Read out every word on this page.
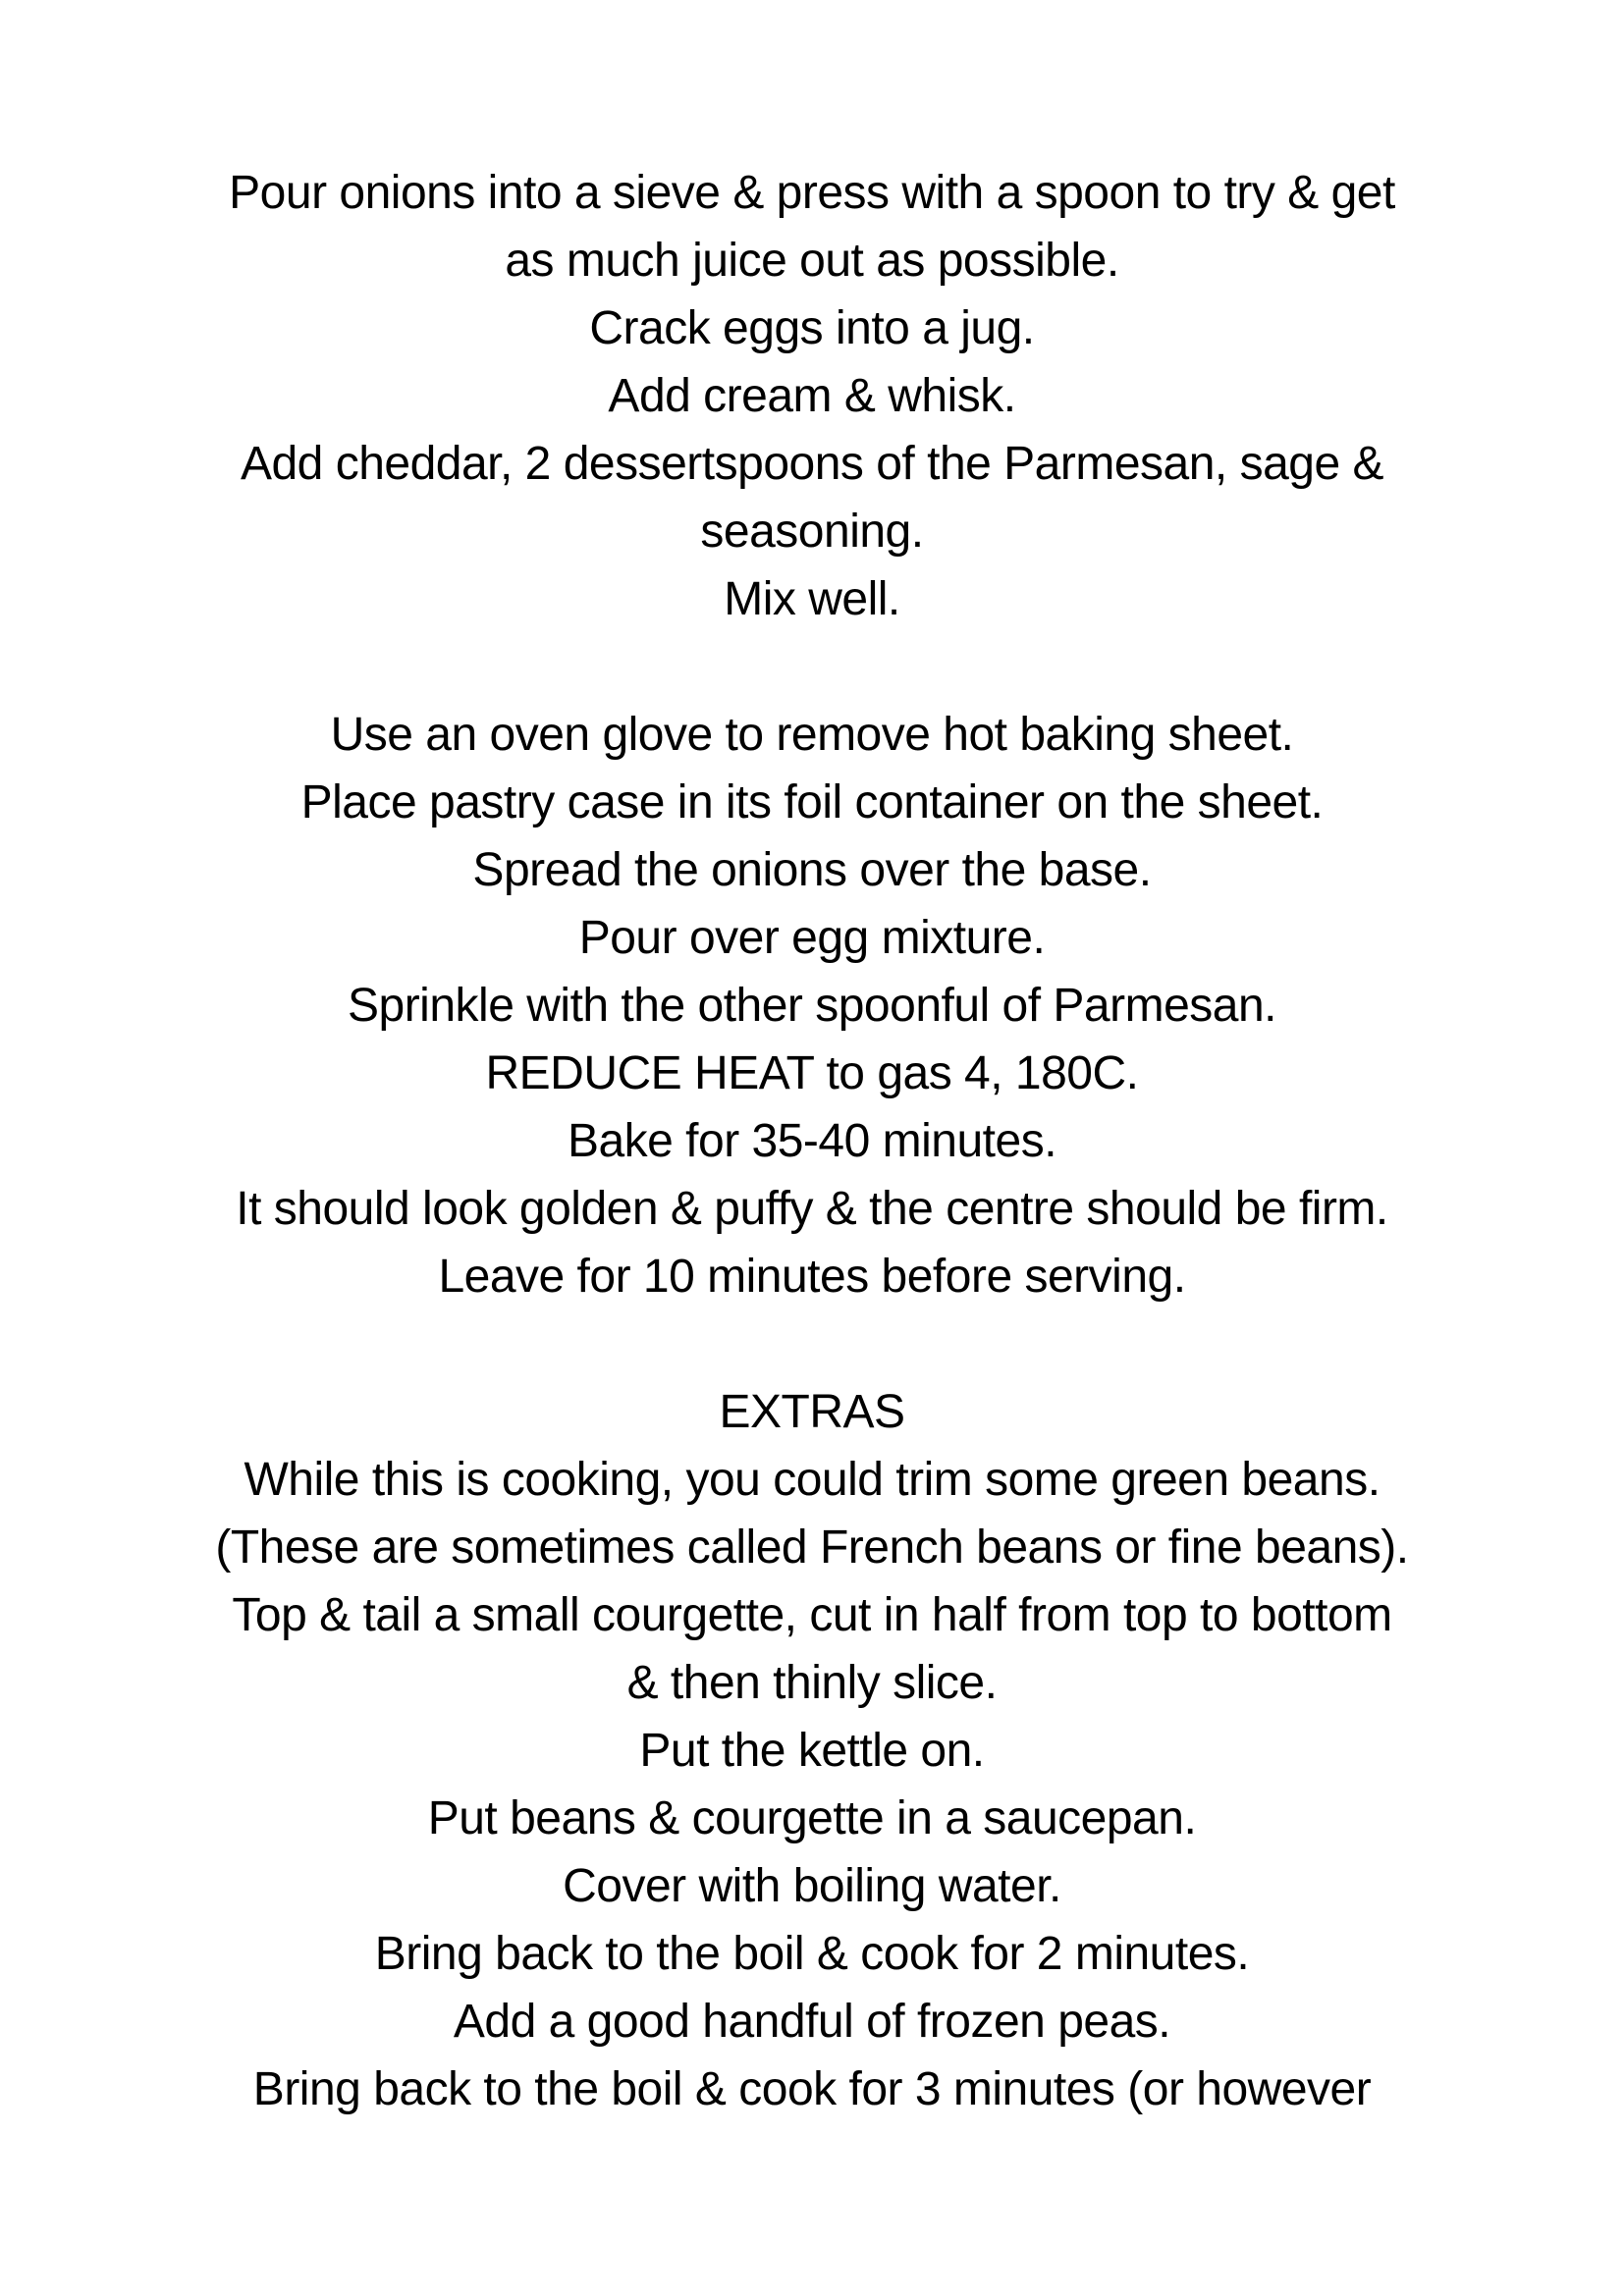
Pour onions into a sieve & press with a spoon to try & get
as much juice out as possible.
Crack eggs into a jug.
Add cream & whisk.
Add cheddar, 2 dessertspoons of the Parmesan, sage &
seasoning.
Mix well.
Use an oven glove to remove hot baking sheet.
Place pastry case in its foil container on the sheet.
Spread the onions over the base.
Pour over egg mixture.
Sprinkle with the other spoonful of Parmesan.
REDUCE HEAT to gas 4, 180C.
Bake for 35-40 minutes.
It should look golden & puffy & the centre should be firm.
Leave for 10 minutes before serving.
EXTRAS
While this is cooking, you could trim some green beans.
(These are sometimes called French beans or fine beans).
Top & tail a small courgette, cut in half from top to bottom
& then thinly slice.
Put the kettle on.
Put beans & courgette in a saucepan.
Cover with boiling water.
Bring back to the boil & cook for 2 minutes.
Add a good handful of frozen peas.
Bring back to the boil & cook for 3 minutes (or however
